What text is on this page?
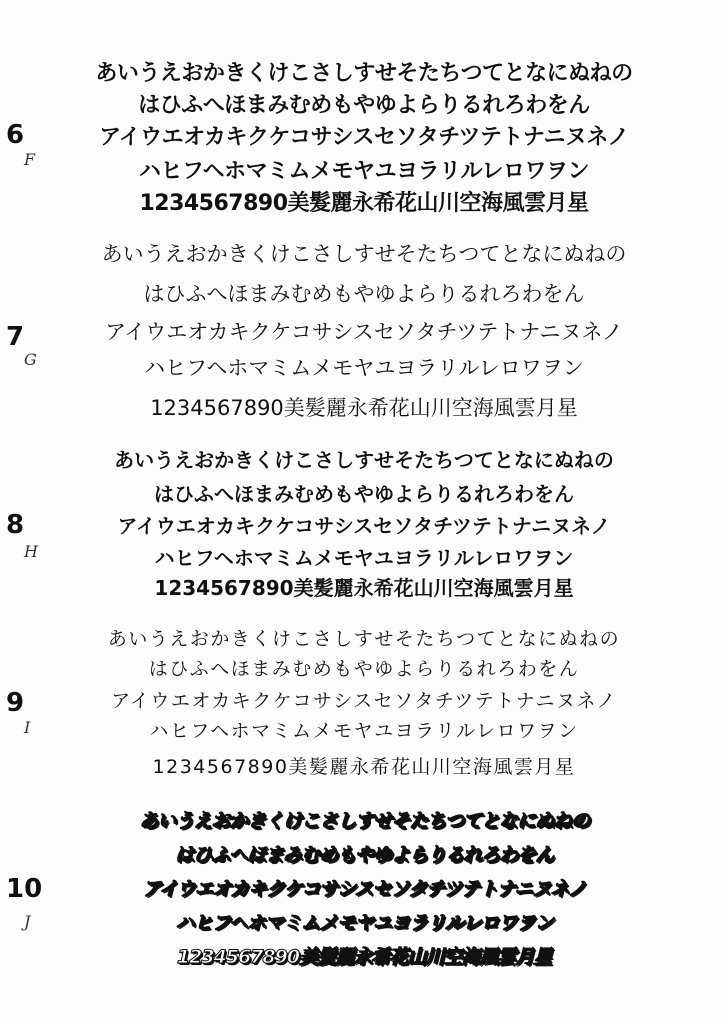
6
F
あいうえおかきくけこさしすせそたちつてとなにぬねの
はひふへほまみむめもやゆよらりるれろわをん
アイウエオカキクケコサシスセソタチツテトナニヌネノ
ハヒフヘホマミムメモヤユヨラリルレロワヲン
1234567890美髮麗永希花山川空海風雲月星
7
G
あいうえおかきくけこさしすせそたちつてとなにぬねの
はひふへほまみむめもやゆよらりるれろわをん
アイウエオカキクケコサシスセソタチツテトナニヌネノ
ハヒフヘホマミムメモヤユヨラリルレロワヲン
1234567890美髪麗永希花山川空海風雲月星
8
H
あいうえおかきくけこさしすせそたちつてとなにぬねの
はひふへほまみむめもやゆよらりるれろわをん
アイウエオカキクケコサシスセソタチツテトナニヌネノ
ハヒフヘホマミムメモヤユヨラリルレロワヲン
1234567890美髪麗永希花山川空海風雲月星
9
I
あいうえおかきくけこさしすせそたちつてとなにぬねの
はひふへほまみむめもやゆよらりるれろわをん
アイウエオカキクケコサシスセソタチツテトナニヌネノ
ハヒフヘホマミムメモヤユヨラリルレロワヲン
1234567890美髪麗永希花山川空海風雲月星
10
J
あいうえおかきくけこさしすせそたちつてとなにぬねの
はひふへほまみむめもやゆよらりるれろわをん
アイウエオカキクケコサシスセソタチツテトナニヌネノ
ハヒフヘホマミムメモヤユヨラリルレロワヲン
1234567890美髪麗永希花山川空海風雲月星
